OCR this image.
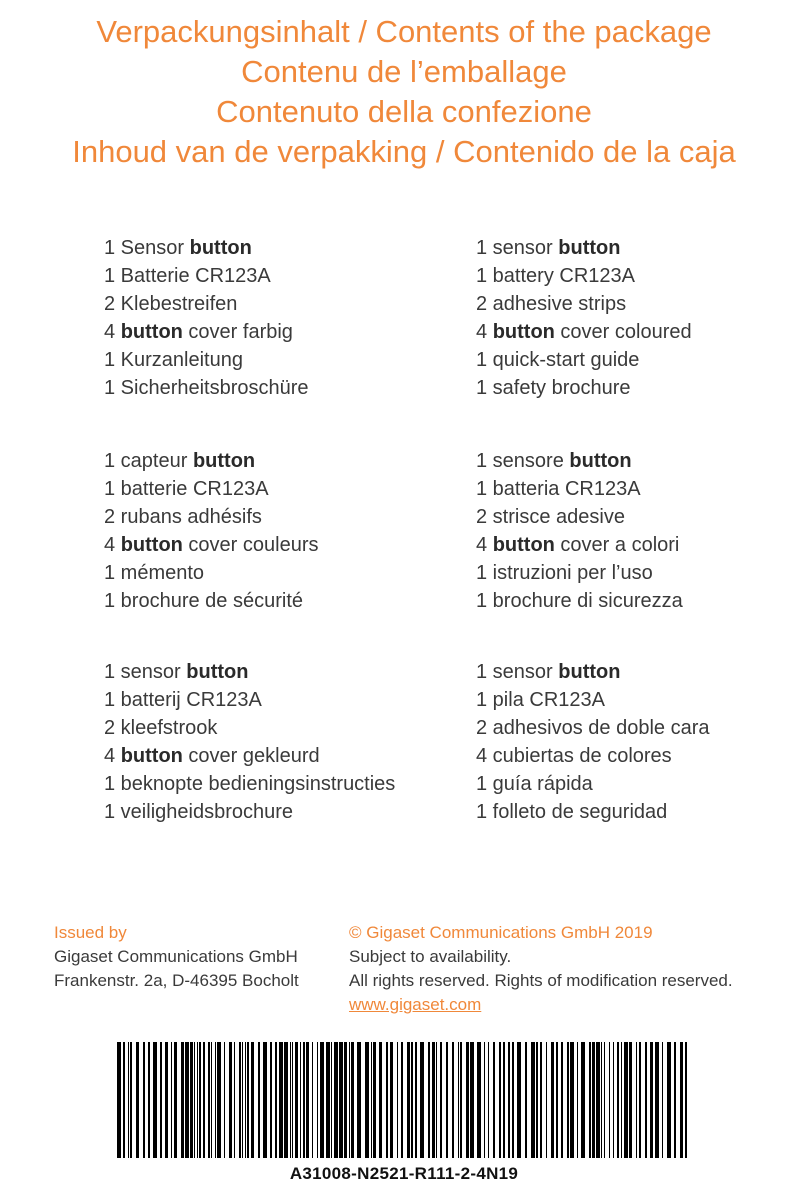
Verpackungsinhalt / Contents of the package
Contenu de l’emballage
Contenuto della confezione
Inhoud van de verpakking / Contenido de la caja
1 Sensor button
1 Batterie CR123A
2 Klebestreifen
4 button cover farbig
1 Kurzanleitung
1 Sicherheitsbroschüre
1 sensor button
1 battery CR123A
2 adhesive strips
4 button cover coloured
1 quick-start guide
1 safety brochure
1 capteur button
1 batterie CR123A
2 rubans adhésifs
4 button cover couleurs
1 mémento
1 brochure de sécurité
1 sensore button
1 batteria CR123A
2 strisce adesive
4 button cover a colori
1 istruzioni per l’uso
1 brochure di sicurezza
1 sensor button
1 batterij CR123A
2 kleefstrook
4 button cover gekleurd
1 beknopte bedieningsinstructies
1 veiligheidsbrochure
1 sensor button
1 pila CR123A
2 adhesivos de doble cara
4 cubiertas de colores
1 guía rápida
1 folleto de seguridad
Issued by
Gigaset Communications GmbH
Frankenstr. 2a, D-46395 Bocholt
© Gigaset Communications GmbH 2019
Subject to availability.
All rights reserved. Rights of modification reserved.
www.gigaset.com
A31008-N2521-R111-2-4N19
